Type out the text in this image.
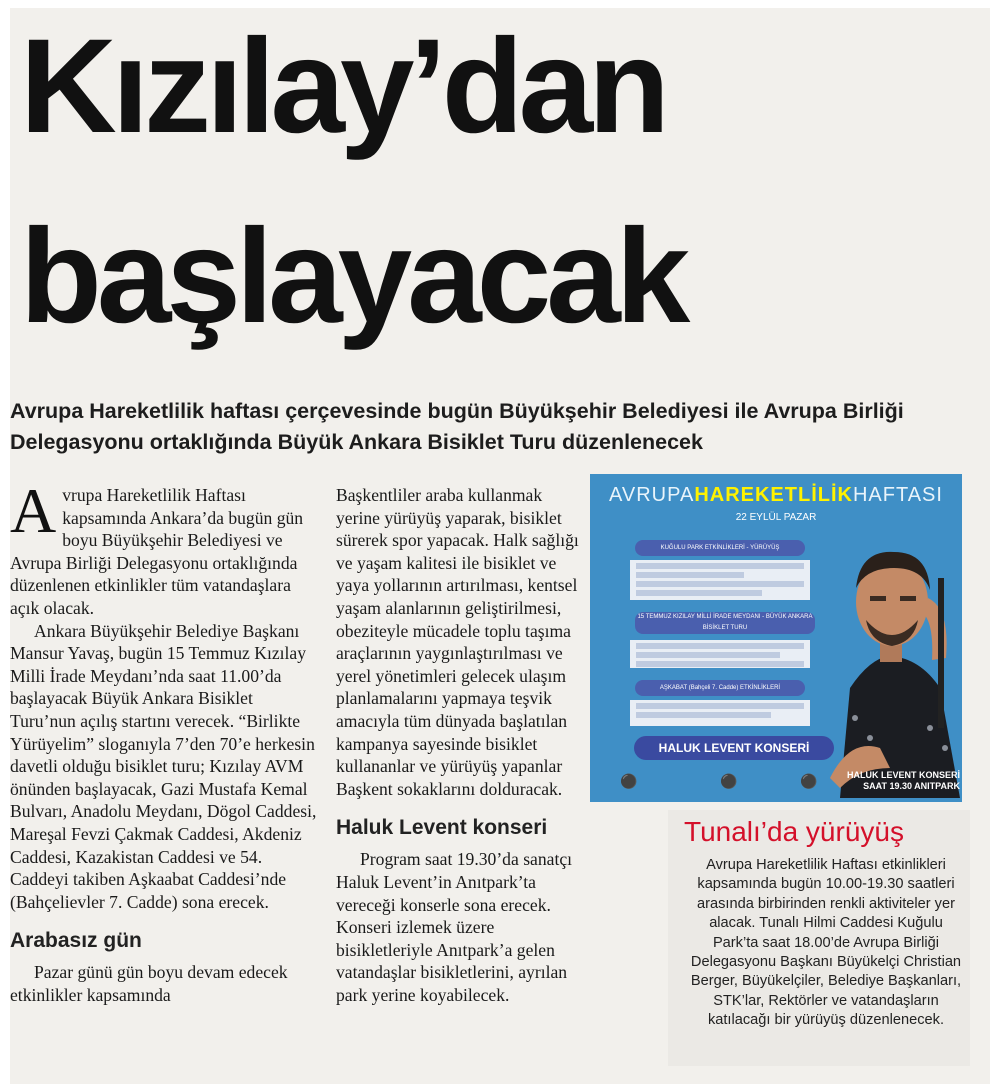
Kızılay’dan
başlayacak
Avrupa Hareketlilik haftası çerçevesinde bugün Büyükşehir Belediyesi ile Avrupa Birliği Delegasyonu ortaklığında Büyük Ankara Bisiklet Turu düzenlenecek
A vrupa Hareketlilik Haftası kapsamında Ankara’da bugün gün boyu Büyükşehir Belediyesi ve Avrupa Birliği Delegasyonu ortaklığında düzenlenen etkinlikler tüm vatandaşlara açık olacak.

Ankara Büyükşehir Belediye Başkanı Mansur Yavaş, bugün 15 Temmuz Kızılay Milli İrade Meydanı’nda saat 11.00’da başlayacak Büyük Ankara Bisiklet Turu’nun açılış startını verecek. “Birlikte Yürüyelim” sloganıyla 7’den 70’e herkesin davetli olduğu bisiklet turu; Kızılay AVM önünden başlayacak, Gazi Mustafa Kemal Bulvarı, Anadolu Meydanı, Dögol Caddesi, Mareşal Fevzi Çakmak Caddesi, Akdeniz Caddesi, Kazakistan Caddesi ve 54. Caddeyi takiben Aşkaabat Caddesi’nde (Bahçelievler 7. Cadde) sona erecek.

Arabasız gün

Pazar günü gün boyu devam edecek etkinlikler kapsamında

Başkentliler araba kullanmak yerine yürüyüş yaparak, bisiklet sürerek spor yapacak. Halk sağlığı ve yaşam kalitesi ile bisiklet ve yaya yollarının artırılması, kentsel yaşam alanlarının geliştirilmesi, obeziteyle mücadele toplu taşıma araçlarının yaygınlaştırılması ve yerel yönetimleri gelecek ulaşım planlamalarını yapmaya teşvik amacıyla tüm dünyada başlatılan kampanya sayesinde bisiklet kullananlar ve yürüyüş yapanlar Başkent sokaklarını dolduracak.

Haluk Levent konseri

Program saat 19.30’da sanatçı Haluk Levent’in Anıtpark’ta vereceği konserle sona erecek. Konseri izlemek üzere bisikletleriyle Anıtpark’a gelen vatandaşlar bisikletlerini, ayrılan park yerine koyabilecek.

AVRUPAHAREKETLİLİKHAFTASI
22 EYLÜL PAZAR
KUĞULU PARK ETKİNLİKLERİ - YÜRÜYÜŞ
15 TEMMUZ KIZILAY MİLLİ İRADE MEYDANI - BÜYÜK ANKARA BİSİKLET TURU
AŞKABAT (Bahçeli 7. Cadde) ETKİNLİKLERİ
HALUK LEVENT KONSERİ
HALUK LEVENT KONSERİ
SAAT 19.30 ANITPARK
⚫	⚫	⚫
Tunalı’da yürüyüş
Avrupa Hareketlilik Haftası etkinlikleri kapsamında bugün 10.00-19.30 saatleri arasında birbirinden renkli aktiviteler yer alacak. Tunalı Hilmi Caddesi Kuğulu Park’ta saat 18.00’de Avrupa Birliği Delegasyonu Başkanı Büyükelçi Christian Berger, Büyükelçiler, Belediye Başkanları, STK’lar, Rektörler ve vatandaşların katılacağı bir yürüyüş düzenlenecek.
